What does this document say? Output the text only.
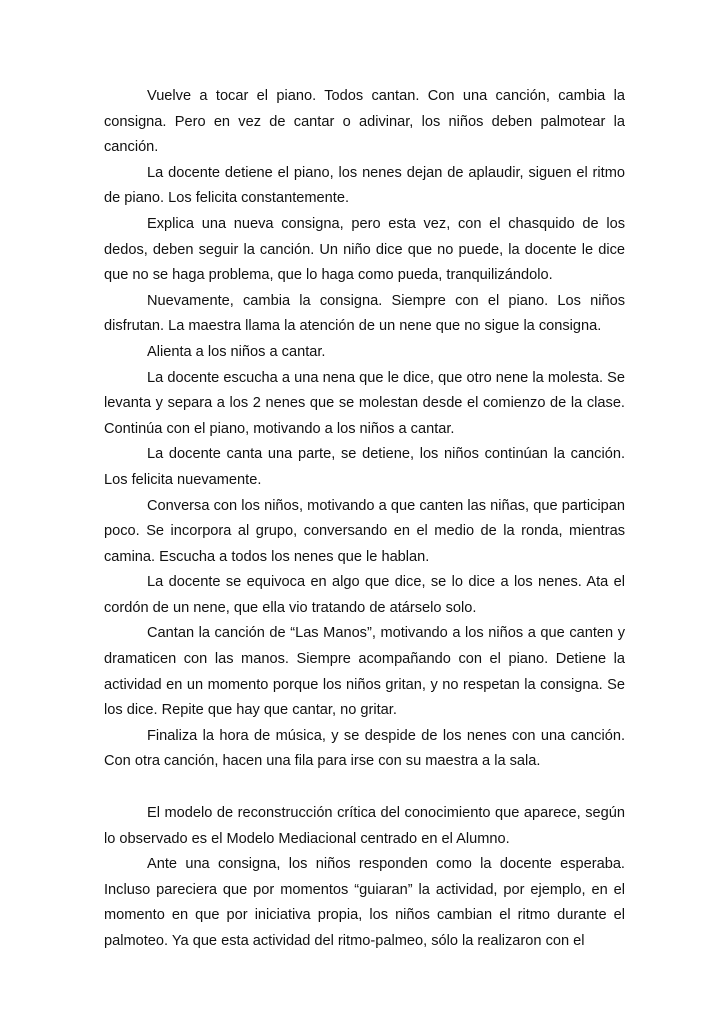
Vuelve a tocar el piano. Todos cantan. Con una canción, cambia la consigna. Pero en vez de cantar o adivinar, los niños deben palmotear la canción.

La docente detiene el piano, los nenes dejan de aplaudir, siguen el ritmo de piano. Los felicita constantemente.

Explica una nueva consigna, pero esta vez, con el chasquido de los dedos, deben seguir la canción. Un niño dice que no puede, la docente le dice que no se haga problema, que lo haga como pueda, tranquilizándolo.

Nuevamente, cambia la consigna. Siempre con el piano. Los niños disfrutan. La maestra llama la atención de un nene que no sigue la consigna.

Alienta a los niños a cantar.

La docente escucha a una nena que le dice, que otro nene la molesta. Se levanta y separa a los 2 nenes que se molestan desde el comienzo de la clase. Continúa con el piano, motivando a los niños a cantar.

La docente canta una parte, se detiene, los niños continúan la canción. Los felicita nuevamente.

Conversa con los niños, motivando a que canten las niñas, que participan poco. Se incorpora al grupo, conversando en el medio de la ronda, mientras camina. Escucha a todos los nenes que le hablan.

La docente se equivoca en algo que dice, se lo dice a los nenes. Ata el cordón de un nene, que ella vio tratando de atárselo solo.

Cantan la canción de “Las Manos”, motivando a los niños a que canten y dramaticen con las manos. Siempre acompañando con el piano. Detiene la actividad en un momento porque los niños gritan, y no respetan la consigna. Se los dice. Repite que hay que cantar, no gritar.

Finaliza la hora de música, y se despide de los nenes con una canción. Con otra canción, hacen una fila para irse con su maestra a la sala.

El modelo de reconstrucción crítica del conocimiento que aparece, según lo observado es el Modelo Mediacional centrado en el Alumno.

Ante una consigna, los niños responden como la docente esperaba. Incluso pareciera que por momentos “guiaran” la actividad, por ejemplo, en el momento en que por iniciativa propia, los niños cambian el ritmo durante el palmoteo. Ya que esta actividad del ritmo-palmeo, sólo la realizaron con el
